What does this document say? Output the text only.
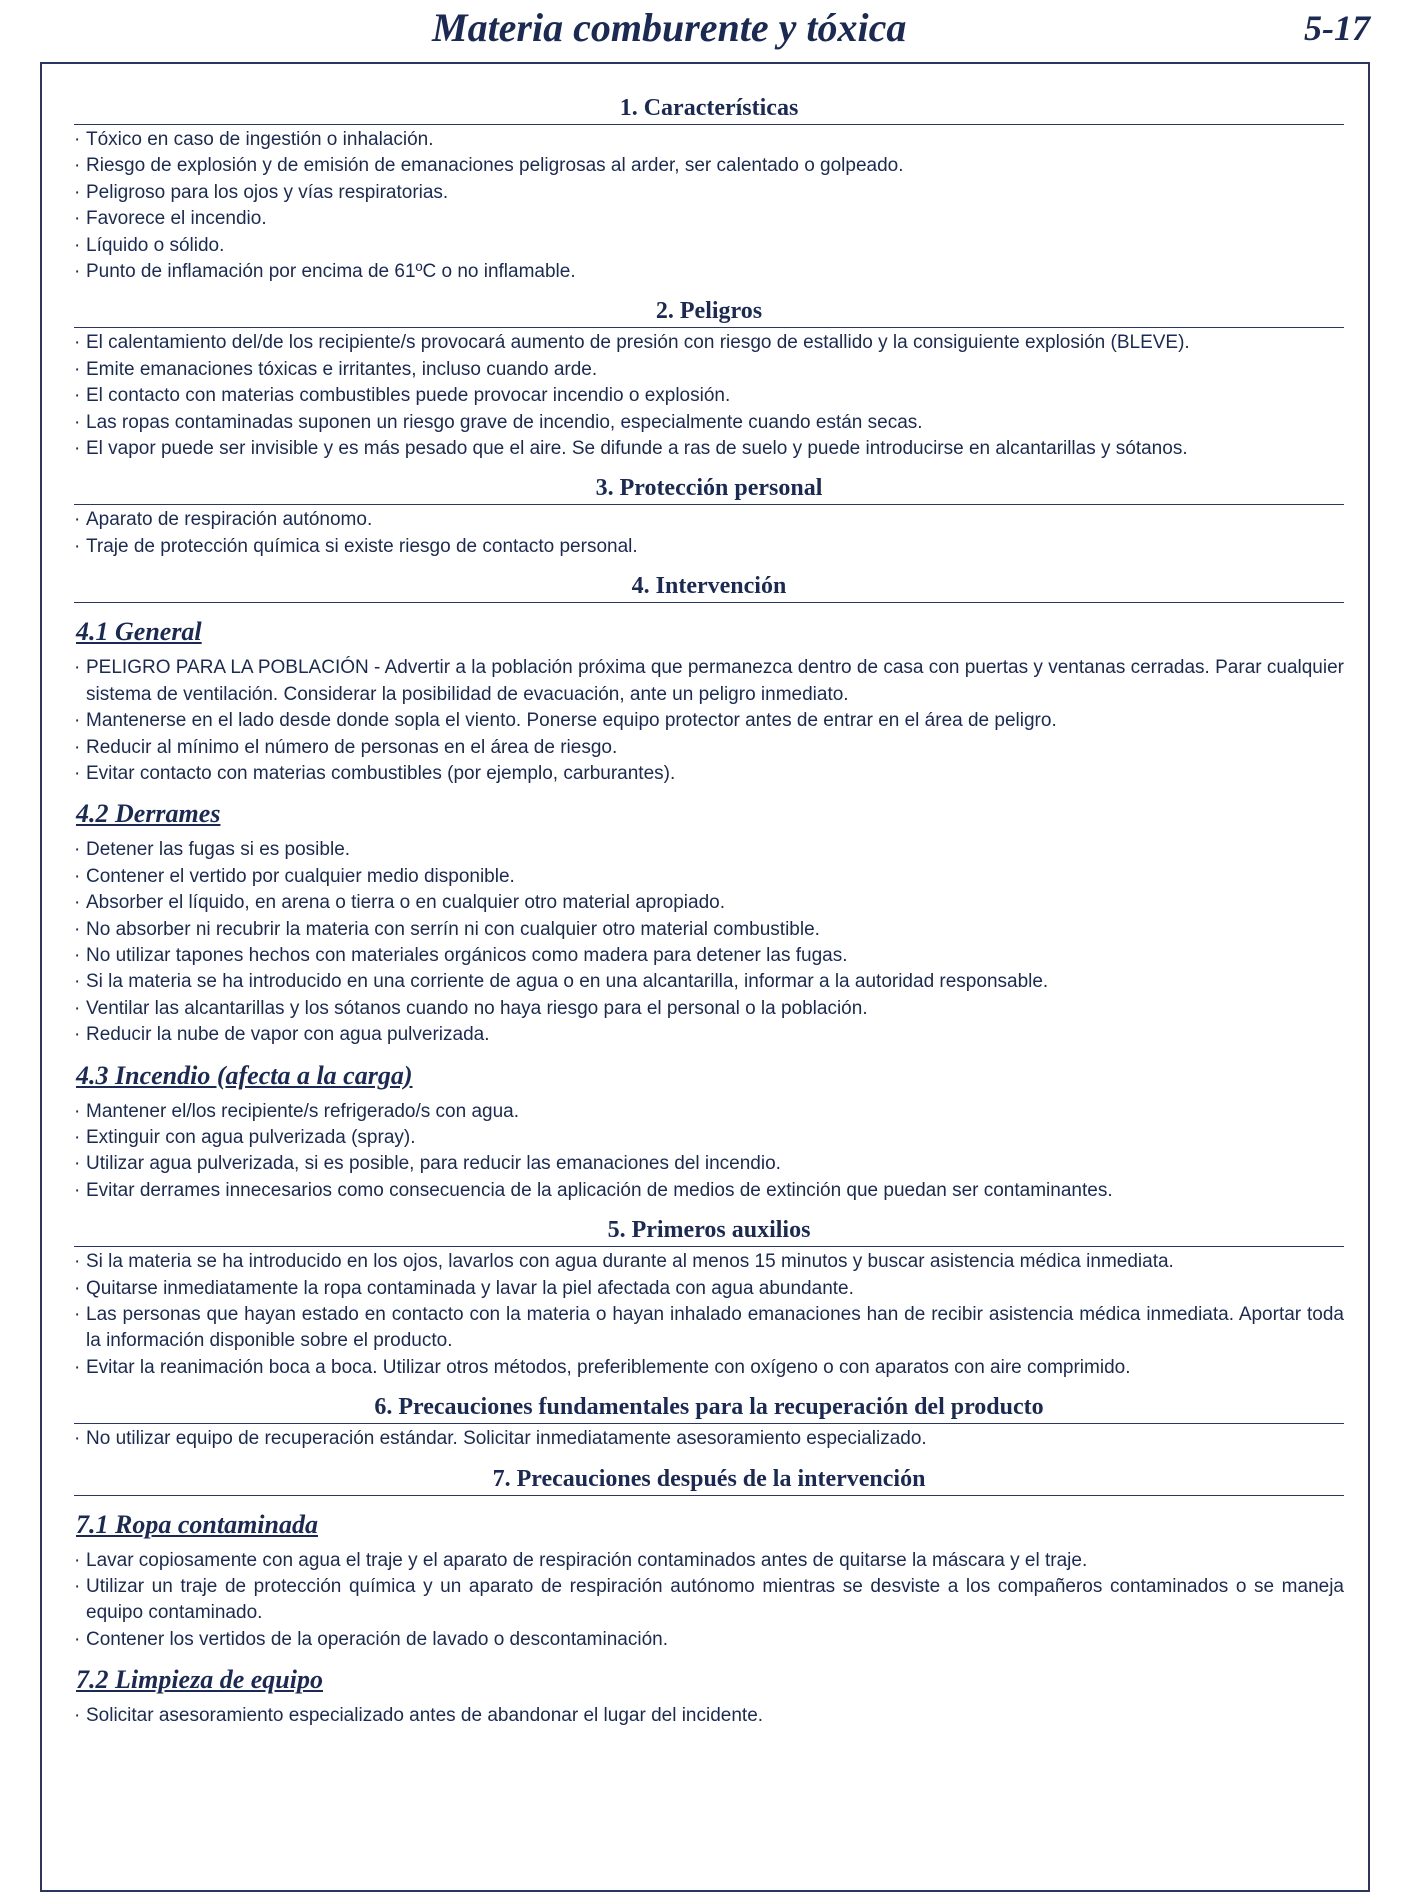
Materia comburente y tóxica	5-17
1. Características
· Tóxico en caso de ingestión o inhalación.
· Riesgo de explosión y de emisión de emanaciones peligrosas al arder, ser calentado o golpeado.
· Peligroso para los ojos y vías respiratorias.
· Favorece el incendio.
· Líquido o sólido.
· Punto de inflamación por encima de 61ºC o no inflamable.
2. Peligros
· El calentamiento del/de los recipiente/s provocará aumento de presión con riesgo de estallido y la consiguiente explosión (BLEVE).
· Emite emanaciones tóxicas e irritantes, incluso cuando arde.
· El contacto con materias combustibles puede provocar incendio o explosión.
· Las ropas contaminadas suponen un riesgo grave de incendio, especialmente cuando están secas.
· El vapor puede ser invisible y es más pesado que el aire. Se difunde a ras de suelo y puede introducirse en alcantarillas y sótanos.
3. Protección personal
· Aparato de respiración autónomo.
· Traje de protección química si existe riesgo de contacto personal.
4. Intervención
4.1 General
· PELIGRO PARA LA POBLACIÓN - Advertir a la población próxima que permanezca dentro de casa con puertas y ventanas cerradas. Parar cualquier sistema de ventilación. Considerar la posibilidad de evacuación, ante un peligro inmediato.
· Mantenerse en el lado desde donde sopla el viento. Ponerse equipo protector antes de entrar en el área de peligro.
· Reducir al mínimo el número de personas en el área de riesgo.
· Evitar contacto con materias combustibles (por ejemplo, carburantes).
4.2 Derrames
· Detener las fugas si es posible.
· Contener el vertido por cualquier medio disponible.
· Absorber el líquido, en arena o tierra o en cualquier otro material apropiado.
· No absorber ni recubrir la materia con serrín ni con cualquier otro material combustible.
· No utilizar tapones hechos con materiales orgánicos como madera para detener las fugas.
· Si la materia se ha introducido en una corriente de agua o en una alcantarilla, informar a la autoridad responsable.
· Ventilar las alcantarillas y los sótanos cuando no haya riesgo para el personal o la población.
· Reducir la nube de vapor con agua pulverizada.
4.3 Incendio (afecta a la carga)
· Mantener el/los recipiente/s refrigerado/s con agua.
· Extinguir con agua pulverizada (spray).
· Utilizar agua pulverizada, si es posible, para reducir las emanaciones del incendio.
· Evitar derrames innecesarios como consecuencia de la aplicación de medios de extinción que puedan ser contaminantes.
5. Primeros auxilios
· Si la materia se ha introducido en los ojos, lavarlos con agua durante al menos 15 minutos y buscar asistencia médica inmediata.
· Quitarse inmediatamente la ropa contaminada y lavar la piel afectada con agua abundante.
· Las personas que hayan estado en contacto con la materia o hayan inhalado emanaciones han de recibir asistencia médica inmediata. Aportar toda la información disponible sobre el producto.
· Evitar la reanimación boca a boca. Utilizar otros métodos, preferiblemente con oxígeno o con aparatos con aire comprimido.
6. Precauciones fundamentales para la recuperación del producto
· No utilizar equipo de recuperación estándar. Solicitar inmediatamente asesoramiento especializado.
7. Precauciones después de la intervención
7.1 Ropa contaminada
· Lavar copiosamente con agua el traje y el aparato de respiración contaminados antes de quitarse la máscara y el traje.
· Utilizar un traje de protección química y un aparato de respiración autónomo mientras se desviste a los compañeros contaminados o se maneja equipo contaminado.
· Contener los vertidos de la operación de lavado o descontaminación.
7.2 Limpieza de equipo
· Solicitar asesoramiento especializado antes de abandonar el lugar del incidente.
